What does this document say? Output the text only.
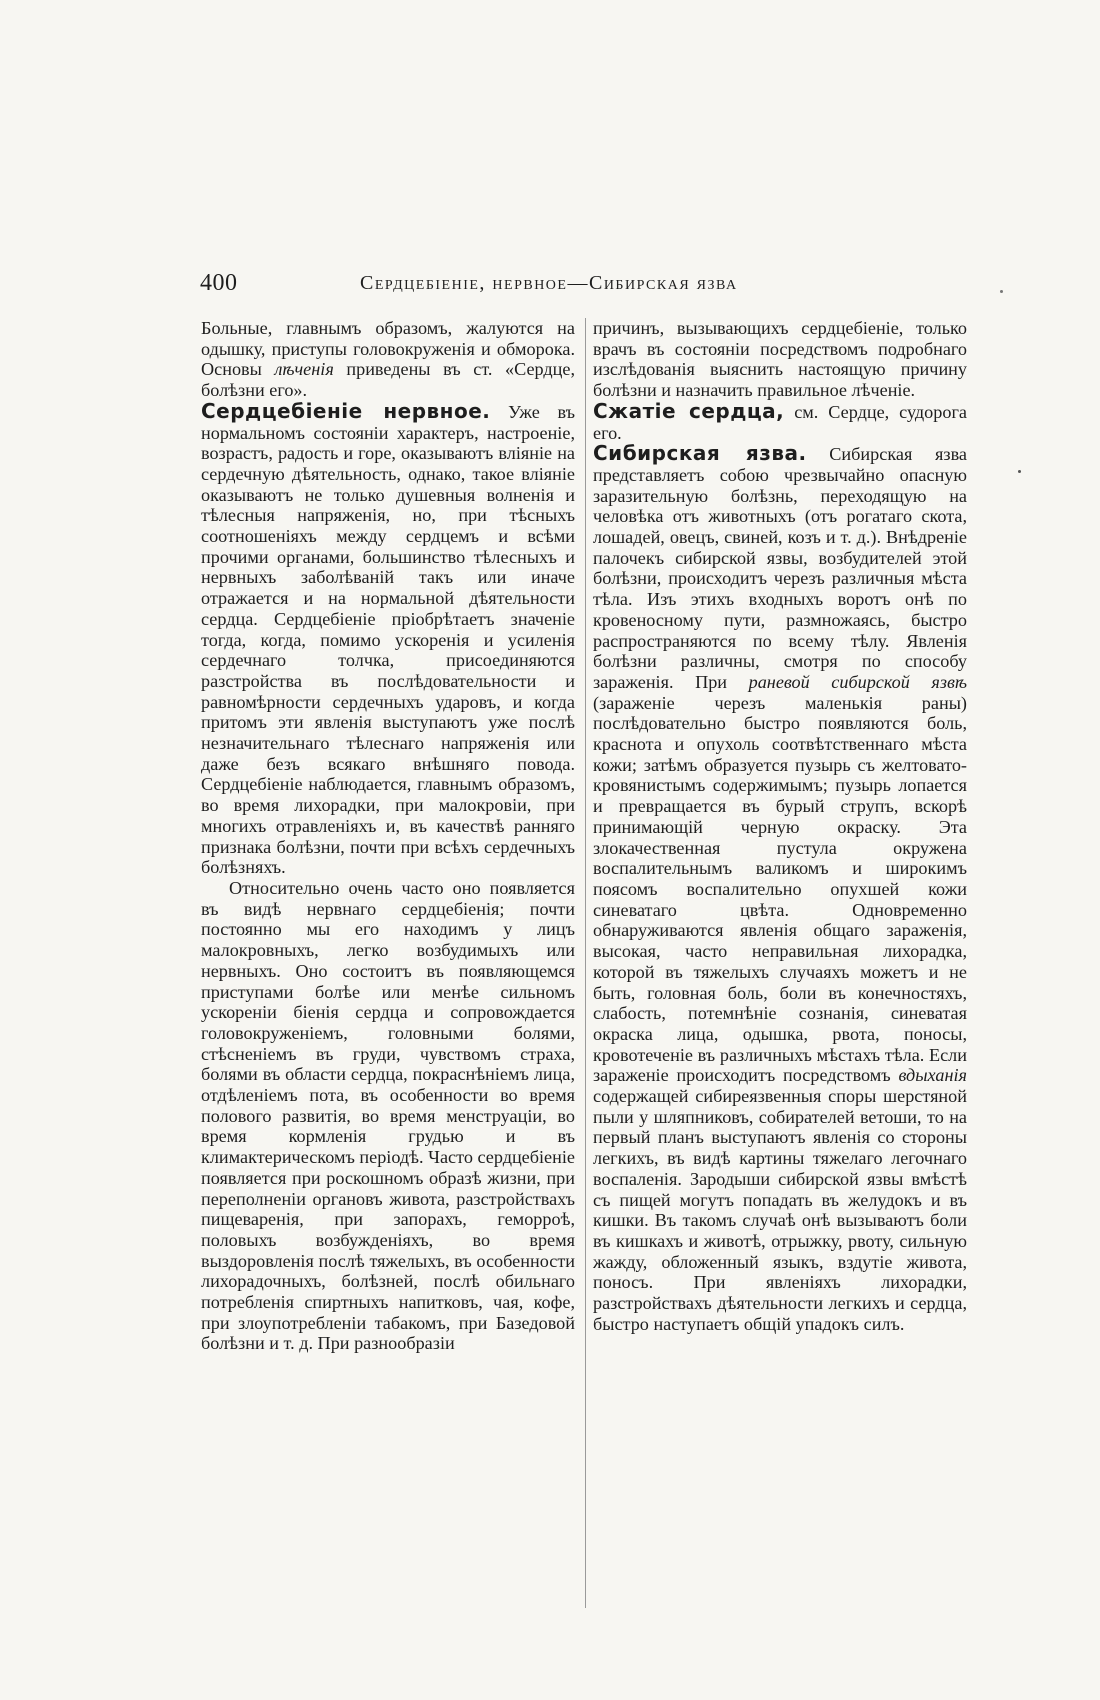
400	Сердцебіеніе, нервное—Сибирская язва

Больные, главнымъ образомъ, жалуются на одышку, приступы головокруженія и обморока. Основы лѣченія приведены въ ст. «Сердце, болѣзни его».

Сердцебіеніе нервное. Уже въ нормальномъ состояніи характеръ, настроеніе, возрастъ, радость и горе, оказываютъ вліяніе на сердечную дѣятельность, однако, такое вліяніе оказываютъ не только душевныя волненія и тѣлесныя напряженія, но, при тѣсныхъ соотношеніяхъ между сердцемъ и всѣми прочими органами, большинство тѣлесныхъ и нервныхъ заболѣваній такъ или иначе отражается и на нормальной дѣятельности сердца. Сердцебіеніе пріобрѣтаетъ значеніе тогда, когда, помимо ускоренія и усиленія сердечнаго толчка, присоединяются разстройства въ послѣдовательности и равномѣрности сердечныхъ ударовъ, и когда притомъ эти явленія выступаютъ уже послѣ незначительнаго тѣлеснаго напряженія или даже безъ всякаго внѣшняго повода. Сердцебіеніе наблюдается, главнымъ образомъ, во время лихорадки, при малокровіи, при многихъ отравленіяхъ и, въ качествѣ ранняго признака болѣзни, почти при всѣхъ сердечныхъ болѣзняхъ.

Относительно очень часто оно появляется въ видѣ нервнаго сердцебіенія; почти постоянно мы его находимъ у лицъ малокровныхъ, легко возбудимыхъ или нервныхъ. Оно состоитъ въ появляющемся приступами болѣе или менѣе сильномъ ускореніи біенія сердца и сопровождается головокруженіемъ, головными болями, стѣсненіемъ въ груди, чувствомъ страха, болями въ области сердца, покраснѣніемъ лица, отдѣленіемъ пота, въ особенности во время полового развитія, во время менструаціи, во время кормленія грудью и въ климактерическомъ періодѣ. Часто сердцебіеніе появляется при роскошномъ образѣ жизни, при переполненіи органовъ живота, разстройствахъ пищеваренія, при запорахъ, геморроѣ, половыхъ возбужденіяхъ, во время выздоровленія послѣ тяжелыхъ, въ особенности лихорадочныхъ, болѣзней, послѣ обильнаго потребленія спиртныхъ напитковъ, чая, кофе, при злоупотребленіи табакомъ, при Базедовой болѣзни и т. д. При разнообразіи

причинъ, вызывающихъ сердцебіеніе, только врачъ въ состояніи посредствомъ подробнаго изслѣдованія выяснить настоящую причину болѣзни и назначить правильное лѣченіе.

Сжатіе сердца, см. Сердце, судорога его.

Сибирская язва. Сибирская язва представляетъ собою чрезвычайно опасную заразительную болѣзнь, переходящую на человѣка отъ животныхъ (отъ рогатаго скота, лошадей, овецъ, свиней, козъ и т. д.). Внѣдреніе палочекъ сибирской язвы, возбудителей этой болѣзни, происходитъ черезъ различныя мѣста тѣла. Изъ этихъ входныхъ воротъ онѣ по кровеносному пути, размножаясь, быстро распространяются по всему тѣлу. Явленія болѣзни различны, смотря по способу зараженія. При раневой сибирской язвѣ (зараженіе черезъ маленькія раны) послѣдовательно быстро появляются боль, краснота и опухоль соотвѣтственнаго мѣста кожи; затѣмъ образуется пузырь съ желтовато-кровянистымъ содержимымъ; пузырь лопается и превращается въ бурый струпъ, вскорѣ принимающій черную окраску. Эта злокачественная пустула окружена воспалительнымъ валикомъ и широкимъ поясомъ воспалительно опухшей кожи синеватаго цвѣта. Одновременно обнаруживаются явленія общаго зараженія, высокая, часто неправильная лихорадка, которой въ тяжелыхъ случаяхъ можетъ и не быть, головная боль, боли въ конечностяхъ, слабость, потемнѣніе сознанія, синеватая окраска лица, одышка, рвота, поносы, кровотеченіе въ различныхъ мѣстахъ тѣла. Если зараженіе происходитъ посредствомъ вдыханія содержащей сибиреязвенныя споры шерстяной пыли у шляпниковъ, собирателей ветоши, то на первый планъ выступаютъ явленія со стороны легкихъ, въ видѣ картины тяжелаго легочнаго воспаленія. Зародыши сибирской язвы вмѣстѣ съ пищей могутъ попадать въ желудокъ и въ кишки. Въ такомъ случаѣ онѣ вызываютъ боли въ кишкахъ и животѣ, отрыжку, рвоту, сильную жажду, обложенный языкъ, вздутіе живота, поносъ. При явленіяхъ лихорадки, разстройствахъ дѣятельности легкихъ и сердца, быстро наступаетъ общій упадокъ силъ.
